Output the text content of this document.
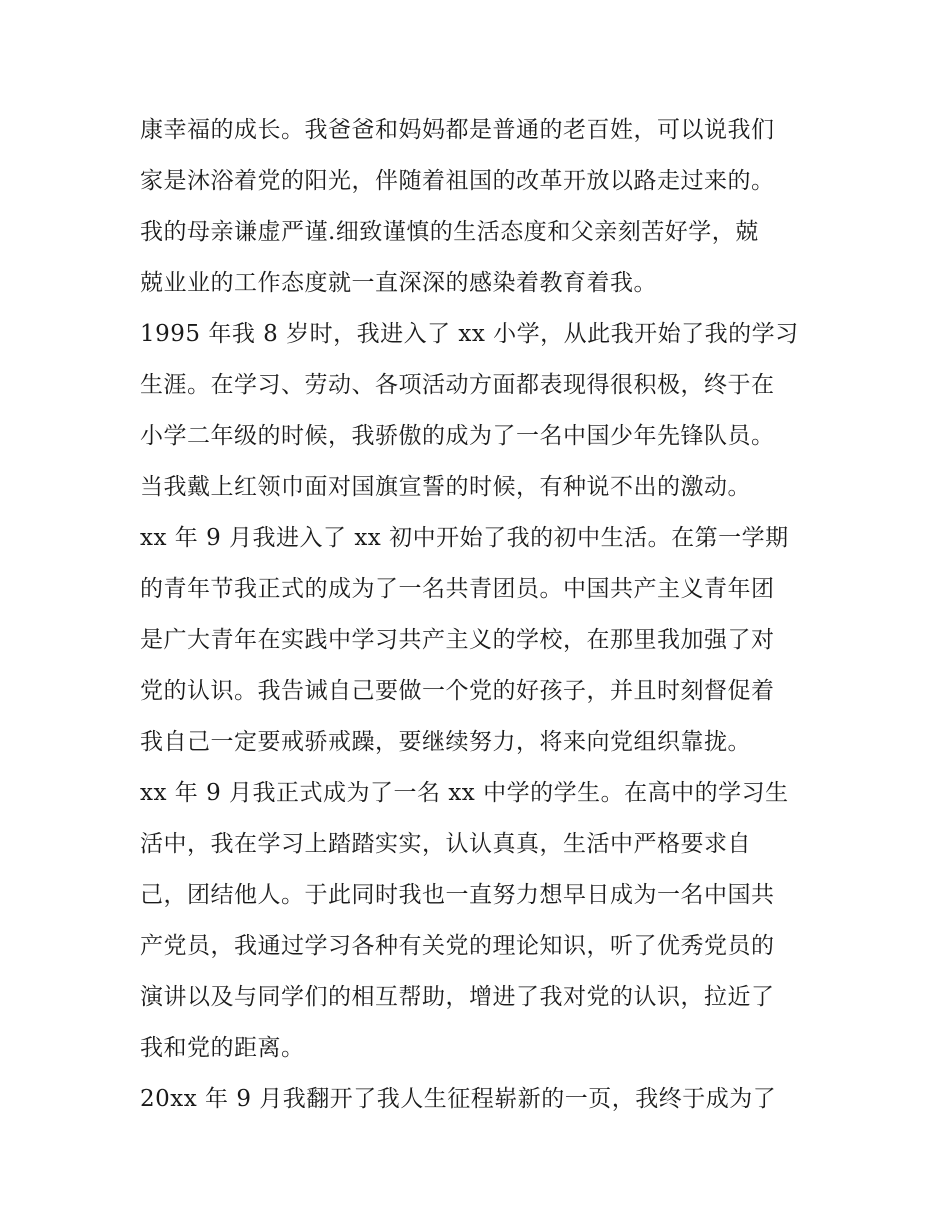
康幸福的成长。我爸爸和妈妈都是普通的老百姓，可以说我们
家是沐浴着党的阳光，伴随着祖国的改革开放以路走过来的。
我的母亲谦虚严谨.细致谨慎的生活态度和父亲刻苦好学，兢
兢业业的工作态度就一直深深的感染着教育着我。
1995 年我 8 岁时，我进入了 xx 小学，从此我开始了我的学习
生涯。在学习、劳动、各项活动方面都表现得很积极，终于在
小学二年级的时候，我骄傲的成为了一名中国少年先锋队员。
当我戴上红领巾面对国旗宣誓的时候，有种说不出的激动。
xx 年 9 月我进入了 xx 初中开始了我的初中生活。在第一学期
的青年节我正式的成为了一名共青团员。中国共产主义青年团
是广大青年在实践中学习共产主义的学校，在那里我加强了对
党的认识。我告诫自己要做一个党的好孩子，并且时刻督促着
我自己一定要戒骄戒躁，要继续努力，将来向党组织靠拢。
xx 年 9 月我正式成为了一名 xx 中学的学生。在高中的学习生
活中，我在学习上踏踏实实，认认真真，生活中严格要求自
己，团结他人。于此同时我也一直努力想早日成为一名中国共
产党员，我通过学习各种有关党的理论知识，听了优秀党员的
演讲以及与同学们的相互帮助，增进了我对党的认识，拉近了
我和党的距离。
20xx 年 9 月我翻开了我人生征程崭新的一页，我终于成为了
